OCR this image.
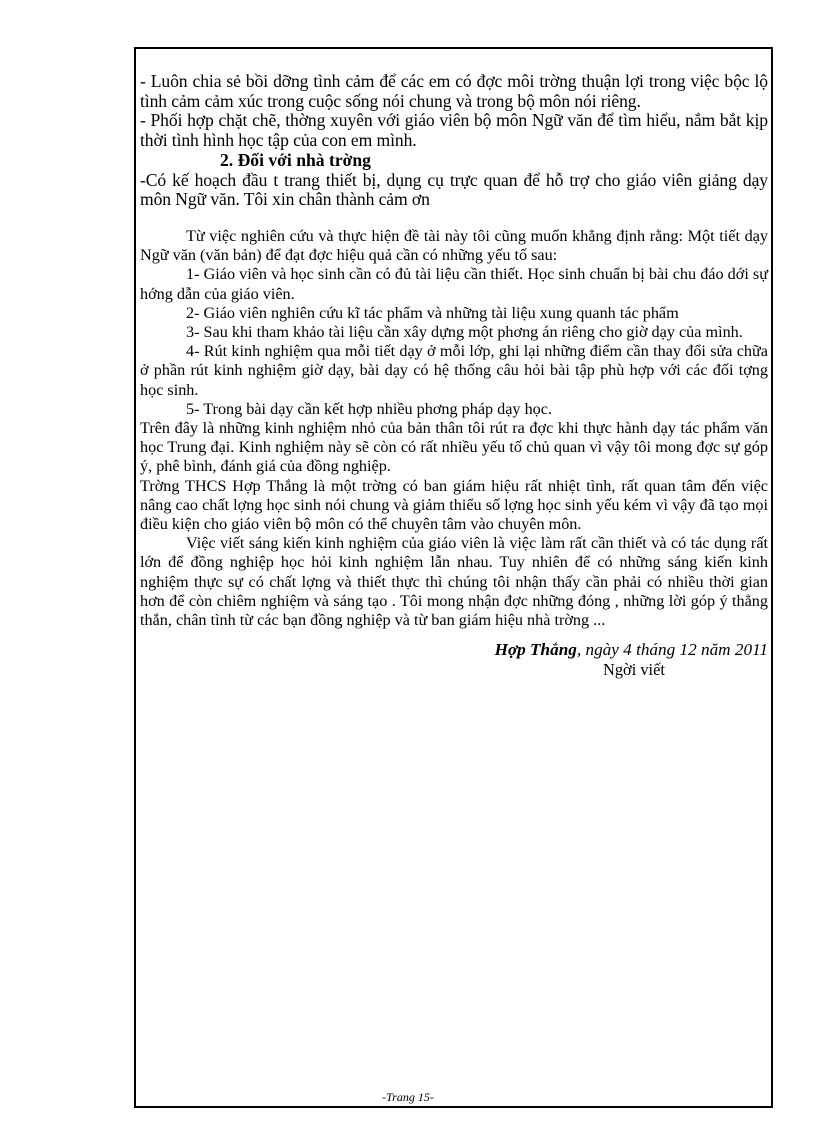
- Luôn chia sẻ bồi dỡng tình cảm để các em có đợc môi trờng thuận lợi trong việc bộc lộ tình cảm cảm xúc trong cuộc sống nói chung và trong bộ môn nói riêng.

- Phối hợp chặt chẽ, thờng xuyên với giáo viên bộ môn Ngữ văn để tìm hiểu, nắm bắt kịp thời tình hình học tập của con em mình.

2. Đối với nhà trờng

-Có kế hoạch đầu t trang thiết bị, dụng cụ trực quan để hỗ trợ cho giáo viên giảng dạy môn Ngữ văn. Tôi xin chân thành cảm ơn

Từ việc nghiên cứu và thực hiện đề tài này tôi cũng muốn khẳng định rằng: Một tiết dạy Ngữ văn (văn bản) để đạt đợc hiệu quả cần có những yếu tố sau:

1- Giáo viên và học sinh cần có đủ tài liệu cần thiết. Học sinh chuẩn bị bài chu đáo dới sự hớng dẫn của giáo viên.

2- Giáo viên nghiên cứu kĩ tác phẩm và những tài liệu xung quanh tác phẩm

3- Sau khi tham khảo tài liệu cần xây dựng một phơng án riêng cho giờ dạy của mình.

4- Rút kinh nghiệm qua mỗi tiết dạy ở mỗi lớp, ghi lại những điểm cần thay đổi sửa chữa ở phần rút kinh nghiệm giờ dạy, bài dạy có hệ thống câu hỏi bài tập phù hợp với các đối tợng học sinh.

5- Trong bài dạy cần kết hợp nhiều phơng pháp dạy học.

Trên đây là những kinh nghiệm nhỏ của bản thân tôi rút ra đợc khi thực hành dạy tác phẩm văn học Trung đại. Kinh nghiệm này sẽ còn có rất nhiều yếu tố chủ quan vì vậy tôi mong đợc sự góp ý, phê bình, đánh giá của đồng nghiệp.

Trờng THCS Hợp Thắng là một trờng có ban giám hiệu rất nhiệt tình, rất quan tâm đến việc nâng cao chất lợng học sinh nói chung và giảm thiểu số lợng học sinh yếu kém vì vậy đã tạo mọi điều kiện cho giáo viên bộ môn có thể chuyên tâm vào chuyên môn.

Việc viết sáng kiến kinh nghiệm của giáo viên là việc làm rất cần thiết và có tác dụng rất lớn để đồng nghiệp học hỏi kinh nghiệm lẫn nhau. Tuy nhiên để có những sáng kiến kinh nghiệm thực sự có chất lợng và thiết thực thì chúng tôi nhận thấy cần phải có nhiều thời gian hơn để còn chiêm nghiệm và sáng tạo . Tôi mong nhận đợc những đóng , những lời góp ý thẳng thắn, chân tình từ các bạn đồng nghiệp và từ ban giám hiệu nhà trờng ...

Hợp Thắng, ngày 4 tháng 12 năm 2011
Ngời viết
-Trang 15-
